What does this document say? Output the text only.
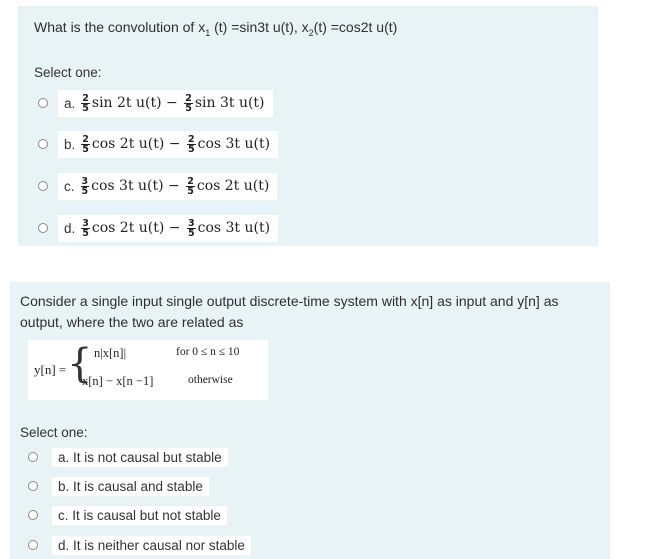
What is the convolution of $x_1$ (t) =sin3t u(t), $x_2(t) =\cos 2t$ u(t)
Select one:
a. $\frac{2}{5}$ sin 2t $u(t) - \frac{2}{5}$ sin 3t u(t)
b. $\frac{2}{5}$ cos 2t $u(t) - \frac{2}{5}$ cos 3t u(t)
c. $\frac{3}{5}$ cos 3t $u(t) - \frac{2}{5}$ cos 2t u(t)
d. $\frac{3}{5}$ cos 2t $u(t) - \frac{3}{5}$ cos 3t u(t)
Consider a single input single output discrete-time system with x[n] as input and y[n] as output, where the two are related as
y[n] = { n|x[n]|	for 0 ≤ n ≤ 10
x[n] − x[n −1]	otherwise
Select one:
a. It is not causal but stable
b. It is causal and stable
c. It is causal but not stable
d. It is neither causal nor stable
